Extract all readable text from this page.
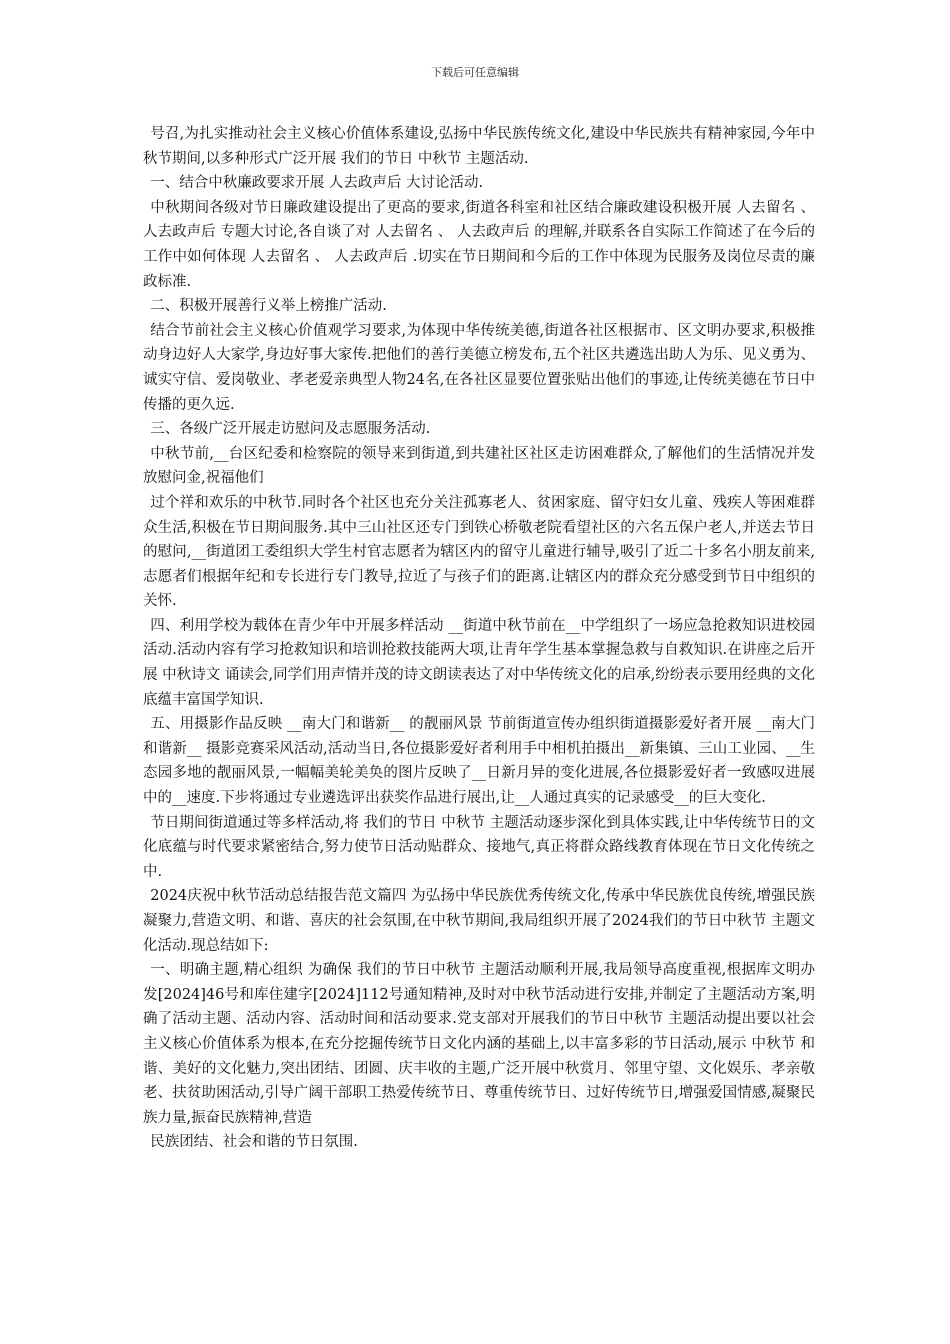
下载后可任意编辑

号召,为扎实推动社会主义核心价值体系建设,弘扬中华民族传统文化,建设中华民族共有精神家园,今年中秋节期间,以多种形式广泛开展 我们的节日 中秋节 主题活动.

一、结合中秋廉政要求开展 人去政声后 大讨论活动.

中秋期间各级对节日廉政建设提出了更高的要求,街道各科室和社区结合廉政建设积极开展 人去留名 、 人去政声后 专题大讨论,各自谈了对 人去留名 、 人去政声后 的理解,并联系各自实际工作简述了在今后的工作中如何体现 人去留名 、 人去政声后 .切实在节日期间和今后的工作中体现为民服务及岗位尽责的廉政标准.

二、积极开展善行义举上榜推广活动.

结合节前社会主义核心价值观学习要求,为体现中华传统美德,街道各社区根据市、区文明办要求,积极推动身边好人大家学,身边好事大家传.把他们的善行美德立榜发布,五个社区共遴选出助人为乐、见义勇为、诚实守信、爱岗敬业、孝老爱亲典型人物24名,在各社区显要位置张贴出他们的事迹,让传统美德在节日中传播的更久远.

三、各级广泛开展走访慰问及志愿服务活动.

中秋节前,__台区纪委和检察院的领导来到街道,到共建社区社区走访困难群众,了解他们的生活情况并发放慰问金,祝福他们

过个祥和欢乐的中秋节.同时各个社区也充分关注孤寡老人、贫困家庭、留守妇女儿童、残疾人等困难群众生活,积极在节日期间服务.其中三山社区还专门到铁心桥敬老院看望社区的六名五保户老人,并送去节日的慰问,__街道团工委组织大学生村官志愿者为辖区内的留守儿童进行辅导,吸引了近二十多名小朋友前来,志愿者们根据年纪和专长进行专门教导,拉近了与孩子们的距离.让辖区内的群众充分感受到节日中组织的关怀.

四、利用学校为载体在青少年中开展多样活动 __街道中秋节前在__中学组织了一场应急抢救知识进校园活动.活动内容有学习抢救知识和培训抢救技能两大项,让青年学生基本掌握急救与自救知识.在讲座之后开展 中秋诗文 诵读会,同学们用声情并茂的诗文朗读表达了对中华传统文化的启承,纷纷表示要用经典的文化底蕴丰富国学知识.

五、用摄影作品反映 __南大门和谐新__ 的靓丽风景 节前街道宣传办组织街道摄影爱好者开展 __南大门和谐新__ 摄影竞赛采风活动,活动当日,各位摄影爱好者利用手中相机拍摄出__新集镇、三山工业园、__生态园多地的靓丽风景,一幅幅美轮美奂的图片反映了__日新月异的变化进展,各位摄影爱好者一致感叹进展中的__速度.下步将通过专业遴选评出获奖作品进行展出,让__人通过真实的记录感受__的巨大变化.

节日期间街道通过等多样活动,将 我们的节日 中秋节 主题活动逐步深化到具体实践,让中华传统节日的文化底蕴与时代要求紧密结合,努力使节日活动贴群众、接地气,真正将群众路线教育体现在节日文化传统之中.

2024庆祝中秋节活动总结报告范文篇四 为弘扬中华民族优秀传统文化,传承中华民族优良传统,增强民族凝聚力,营造文明、和谐、喜庆的社会氛围,在中秋节期间,我局组织开展了2024我们的节日中秋节 主题文化活动.现总结如下:

一、明确主题,精心组织 为确保 我们的节日中秋节 主题活动顺利开展,我局领导高度重视,根据库文明办发[2024]46号和库住建字[2024]112号通知精神,及时对中秋节活动进行安排,并制定了主题活动方案,明确了活动主题、活动内容、活动时间和活动要求.党支部对开展我们的节日中秋节 主题活动提出要以社会主义核心价值体系为根本,在充分挖掘传统节日文化内涵的基础上,以丰富多彩的节日活动,展示 中秋节 和谐、美好的文化魅力,突出团结、团圆、庆丰收的主题,广泛开展中秋赏月、邻里守望、文化娱乐、孝亲敬老、扶贫助困活动,引导广阔干部职工热爱传统节日、尊重传统节日、过好传统节日,增强爱国情感,凝聚民族力量,振奋民族精神,营造

民族团结、社会和谐的节日氛围.
